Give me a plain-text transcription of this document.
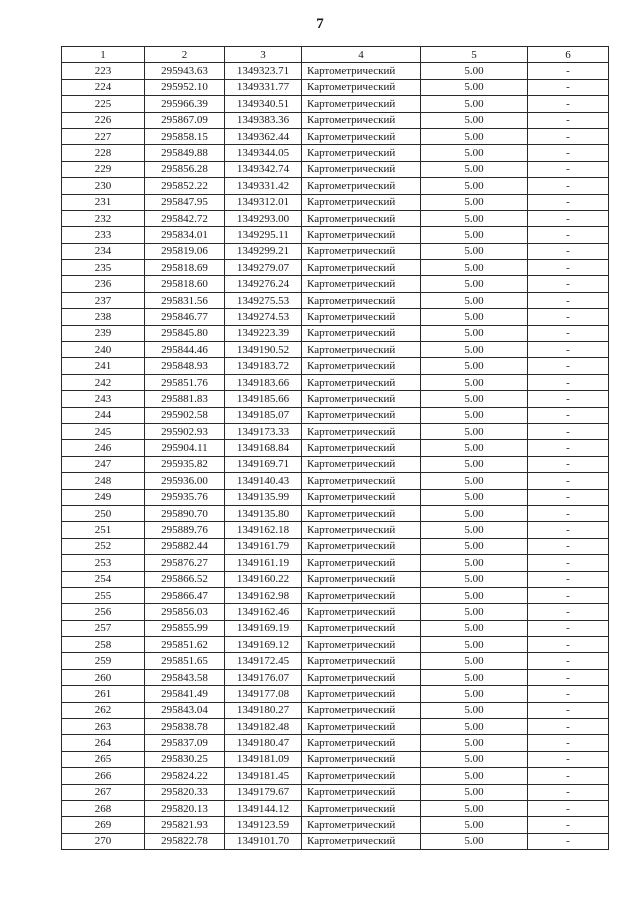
7
1	2	3	4	5	6
223	295943.63	1349323.71	Картометрический	5.00	-
224	295952.10	1349331.77	Картометрический	5.00	-
225	295966.39	1349340.51	Картометрический	5.00	-
226	295867.09	1349383.36	Картометрический	5.00	-
227	295858.15	1349362.44	Картометрический	5.00	-
228	295849.88	1349344.05	Картометрический	5.00	-
229	295856.28	1349342.74	Картометрический	5.00	-
230	295852.22	1349331.42	Картометрический	5.00	-
231	295847.95	1349312.01	Картометрический	5.00	-
232	295842.72	1349293.00	Картометрический	5.00	-
233	295834.01	1349295.11	Картометрический	5.00	-
234	295819.06	1349299.21	Картометрический	5.00	-
235	295818.69	1349279.07	Картометрический	5.00	-
236	295818.60	1349276.24	Картометрический	5.00	-
237	295831.56	1349275.53	Картометрический	5.00	-
238	295846.77	1349274.53	Картометрический	5.00	-
239	295845.80	1349223.39	Картометрический	5.00	-
240	295844.46	1349190.52	Картометрический	5.00	-
241	295848.93	1349183.72	Картометрический	5.00	-
242	295851.76	1349183.66	Картометрический	5.00	-
243	295881.83	1349185.66	Картометрический	5.00	-
244	295902.58	1349185.07	Картометрический	5.00	-
245	295902.93	1349173.33	Картометрический	5.00	-
246	295904.11	1349168.84	Картометрический	5.00	-
247	295935.82	1349169.71	Картометрический	5.00	-
248	295936.00	1349140.43	Картометрический	5.00	-
249	295935.76	1349135.99	Картометрический	5.00	-
250	295890.70	1349135.80	Картометрический	5.00	-
251	295889.76	1349162.18	Картометрический	5.00	-
252	295882.44	1349161.79	Картометрический	5.00	-
253	295876.27	1349161.19	Картометрический	5.00	-
254	295866.52	1349160.22	Картометрический	5.00	-
255	295866.47	1349162.98	Картометрический	5.00	-
256	295856.03	1349162.46	Картометрический	5.00	-
257	295855.99	1349169.19	Картометрический	5.00	-
258	295851.62	1349169.12	Картометрический	5.00	-
259	295851.65	1349172.45	Картометрический	5.00	-
260	295843.58	1349176.07	Картометрический	5.00	-
261	295841.49	1349177.08	Картометрический	5.00	-
262	295843.04	1349180.27	Картометрический	5.00	-
263	295838.78	1349182.48	Картометрический	5.00	-
264	295837.09	1349180.47	Картометрический	5.00	-
265	295830.25	1349181.09	Картометрический	5.00	-
266	295824.22	1349181.45	Картометрический	5.00	-
267	295820.33	1349179.67	Картометрический	5.00	-
268	295820.13	1349144.12	Картометрический	5.00	-
269	295821.93	1349123.59	Картометрический	5.00	-
270	295822.78	1349101.70	Картометрический	5.00	-
